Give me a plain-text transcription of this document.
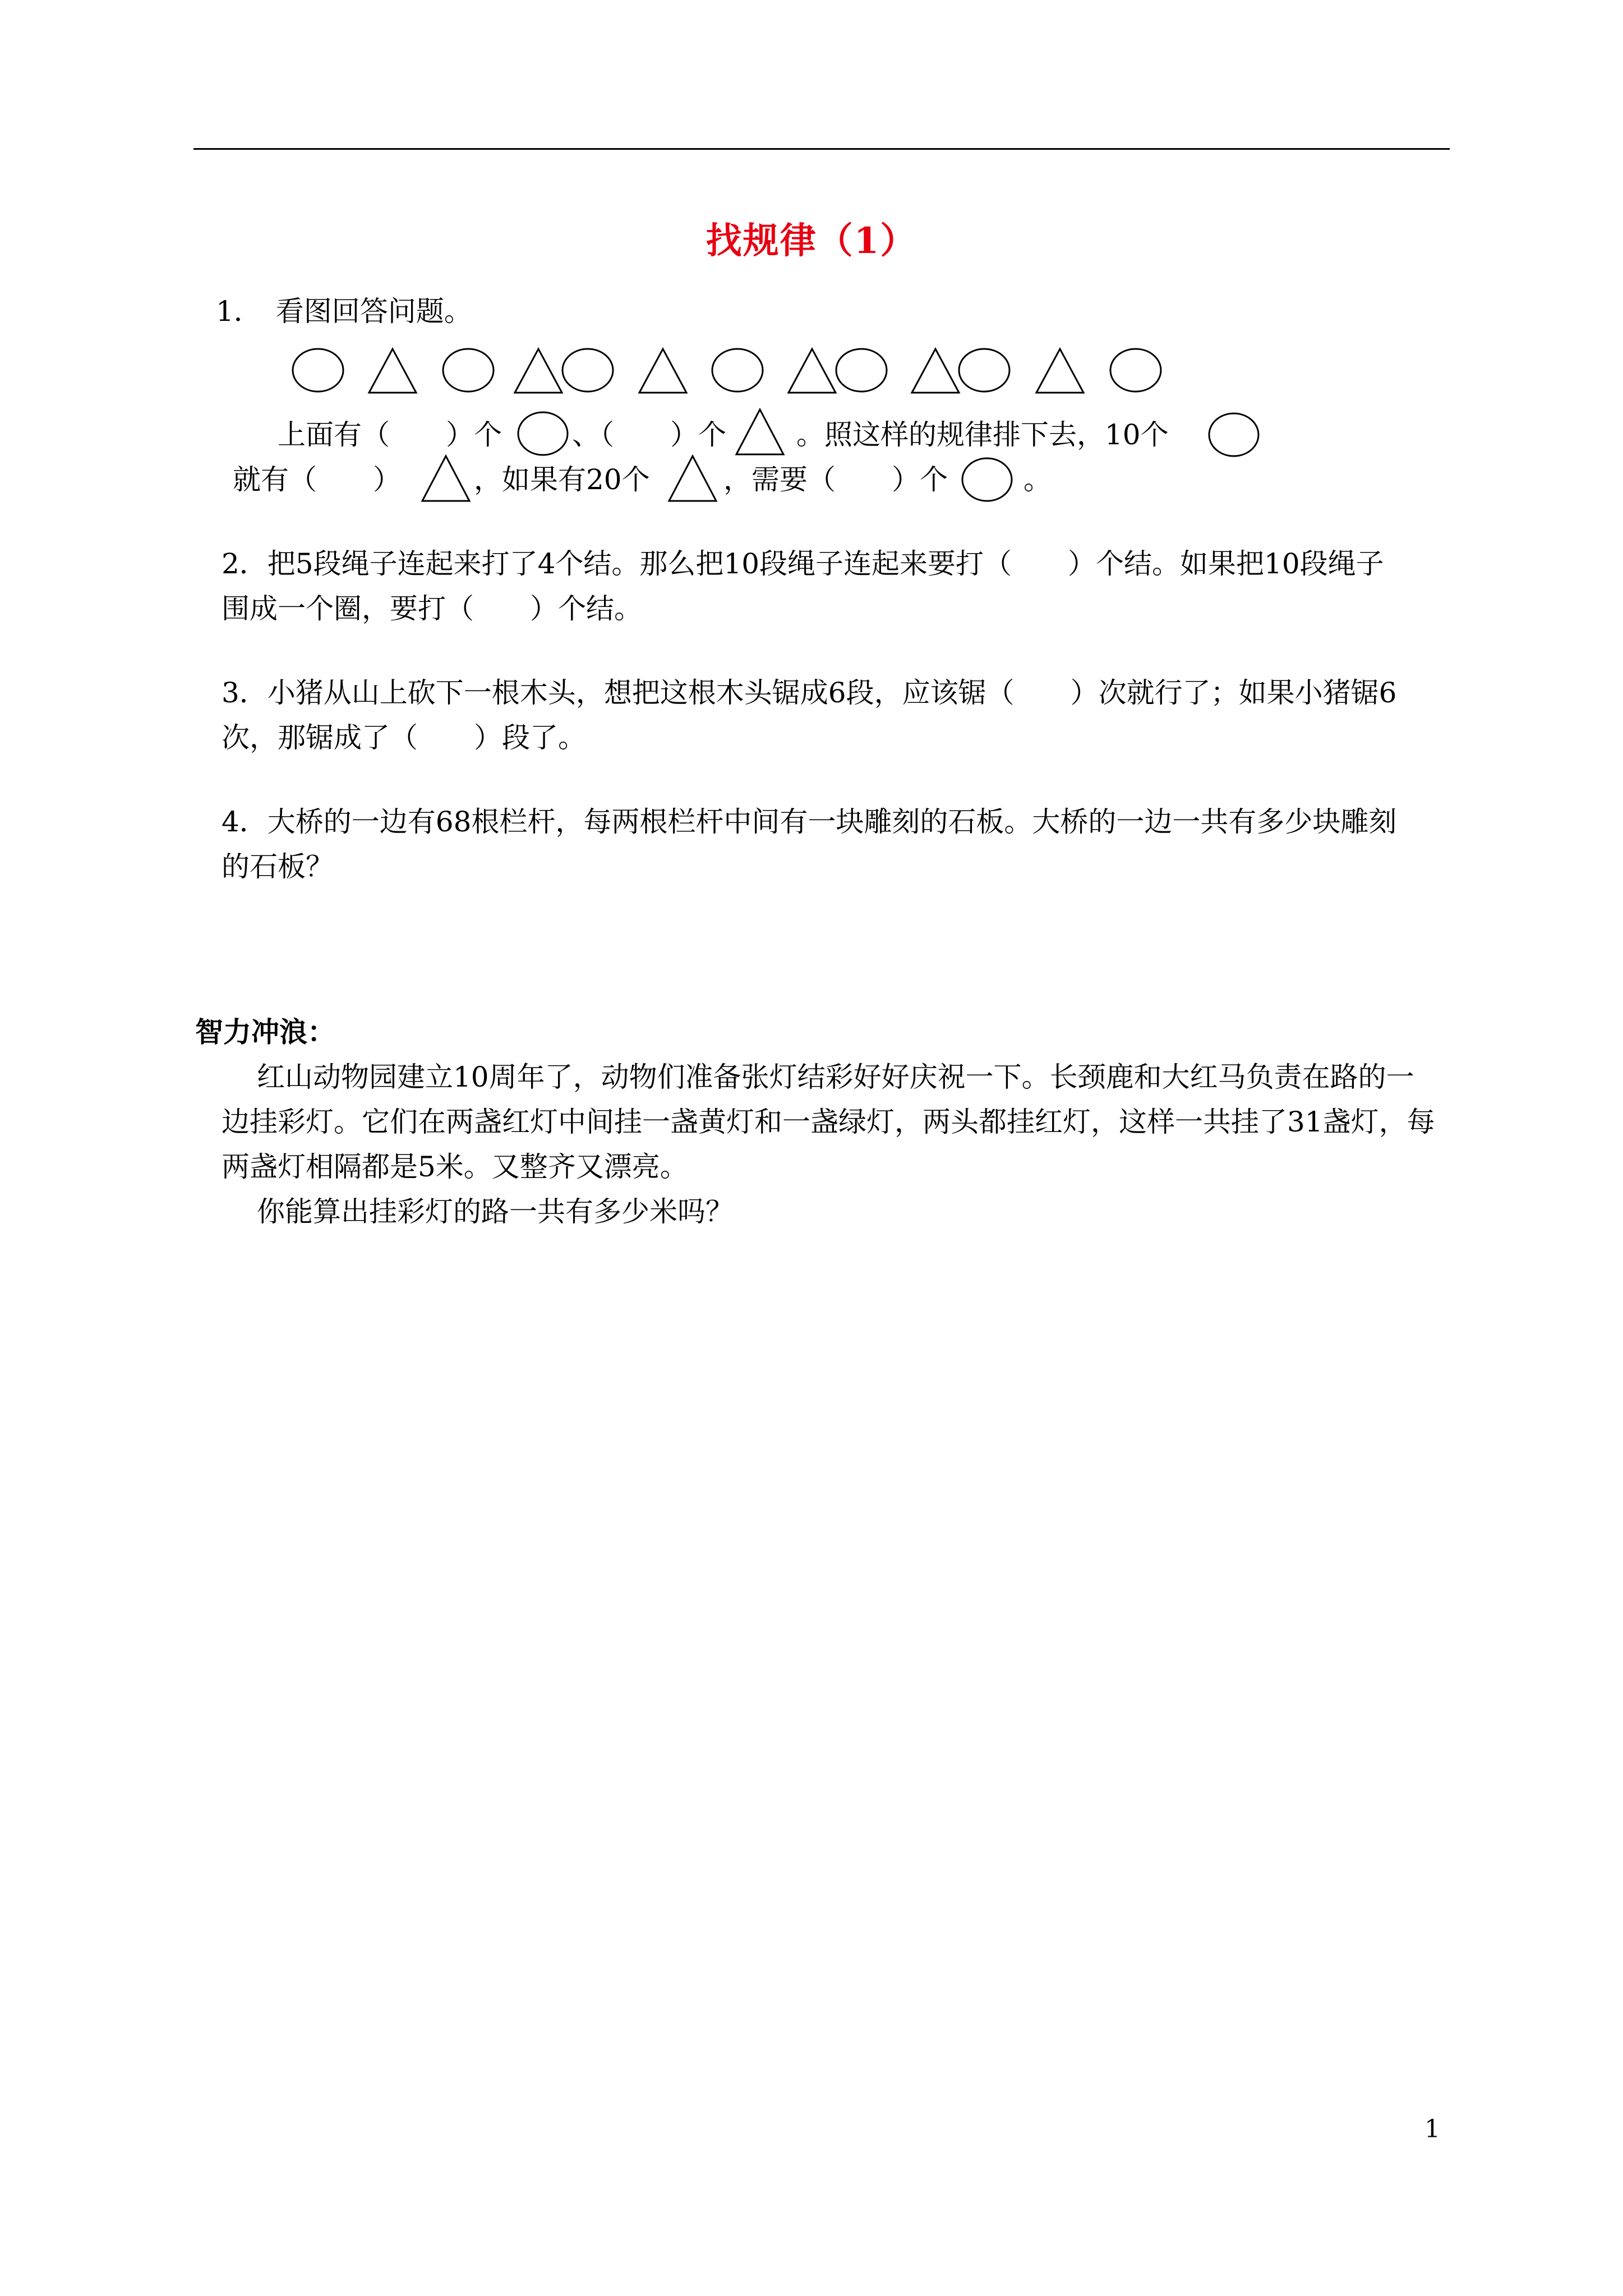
找规律（1）
1．　看图回答问题。
上面有（　　）个	、（　　）个	。照这样的规律排下去，10个
就有（　　）	，如果有20个	，需要（　　）个	。
2．把5段绳子连起来打了4个结。那么把10段绳子连起来要打（　　）个结。如果把10段绳子
围成一个圈，要打（　　）个结。
3．小猪从山上砍下一根木头，想把这根木头锯成6段，应该锯（　　）次就行了；如果小猪锯6
次，那锯成了（　　）段了。
4．大桥的一边有68根栏杆，每两根栏杆中间有一块雕刻的石板。大桥的一边一共有多少块雕刻
的石板？
智力冲浪：
红山动物园建立10周年了，动物们准备张灯结彩好好庆祝一下。长颈鹿和大红马负责在路的一
边挂彩灯。它们在两盏红灯中间挂一盏黄灯和一盏绿灯，两头都挂红灯，这样一共挂了31盏灯，每
两盏灯相隔都是5米。又整齐又漂亮。
你能算出挂彩灯的路一共有多少米吗？
1
